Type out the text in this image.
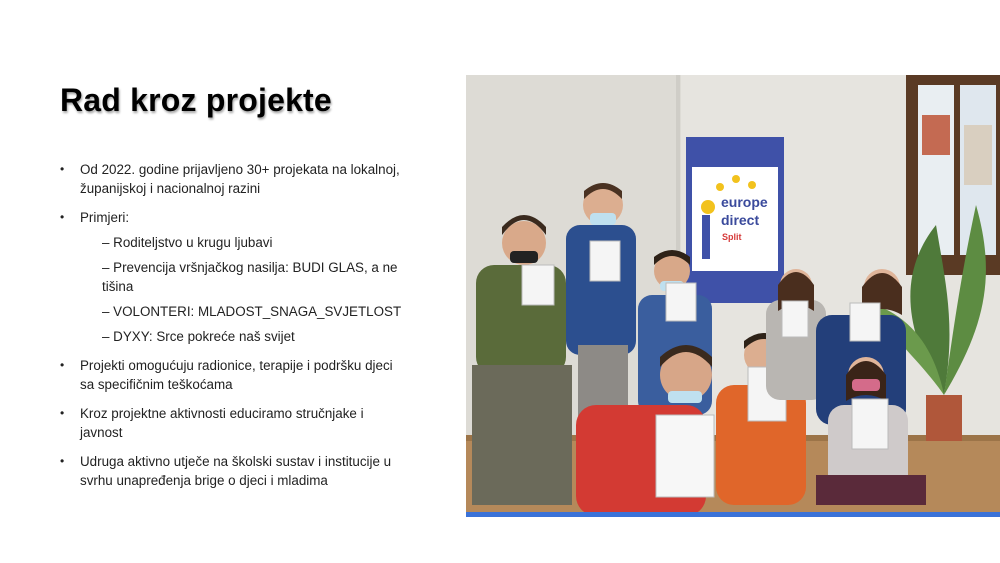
Rad kroz projekte
• Od 2022. godine prijavljeno 30+ projekata na lokalnoj, županijskoj i nacionalnoj razini
• Primjeri:
– Roditeljstvo u krugu ljubavi
– Prevencija vršnjačkog nasilja: BUDI GLAS, a ne tišina
– VOLONTERI: MLADOST_SNAGA_SVJETLOST
– DYXY: Srce pokreće naš svijet
• Projekti omogućuju radionice, terapije i podršku djeci sa specifičnim teškoćama
• Kroz projektne aktivnosti educiramo stručnjake i javnost
• Udruga aktivno utječe na školski sustav i institucije u svrhu unapređenja brige o djeci i mladima
europe
direct
Split
